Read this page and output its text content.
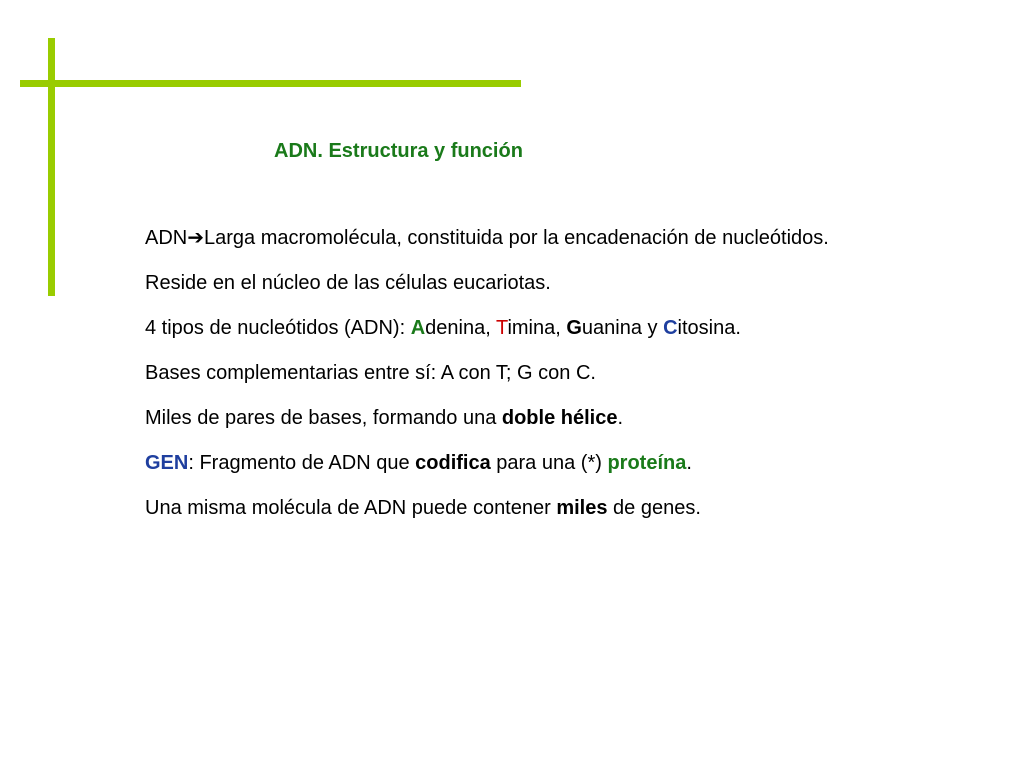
ADN. Estructura y función

ADN➔Larga macromolécula, constituida por la encadenación de nucleótidos.

Reside en el núcleo de las células eucariotas.

4 tipos de nucleótidos (ADN): Adenina, Timina, Guanina y Citosina.

Bases complementarias entre sí: A con T; G con C.

Miles de pares de bases, formando una doble hélice.

GEN: Fragmento de ADN que codifica para una (*) proteína.

Una misma molécula de ADN puede contener miles de genes.
